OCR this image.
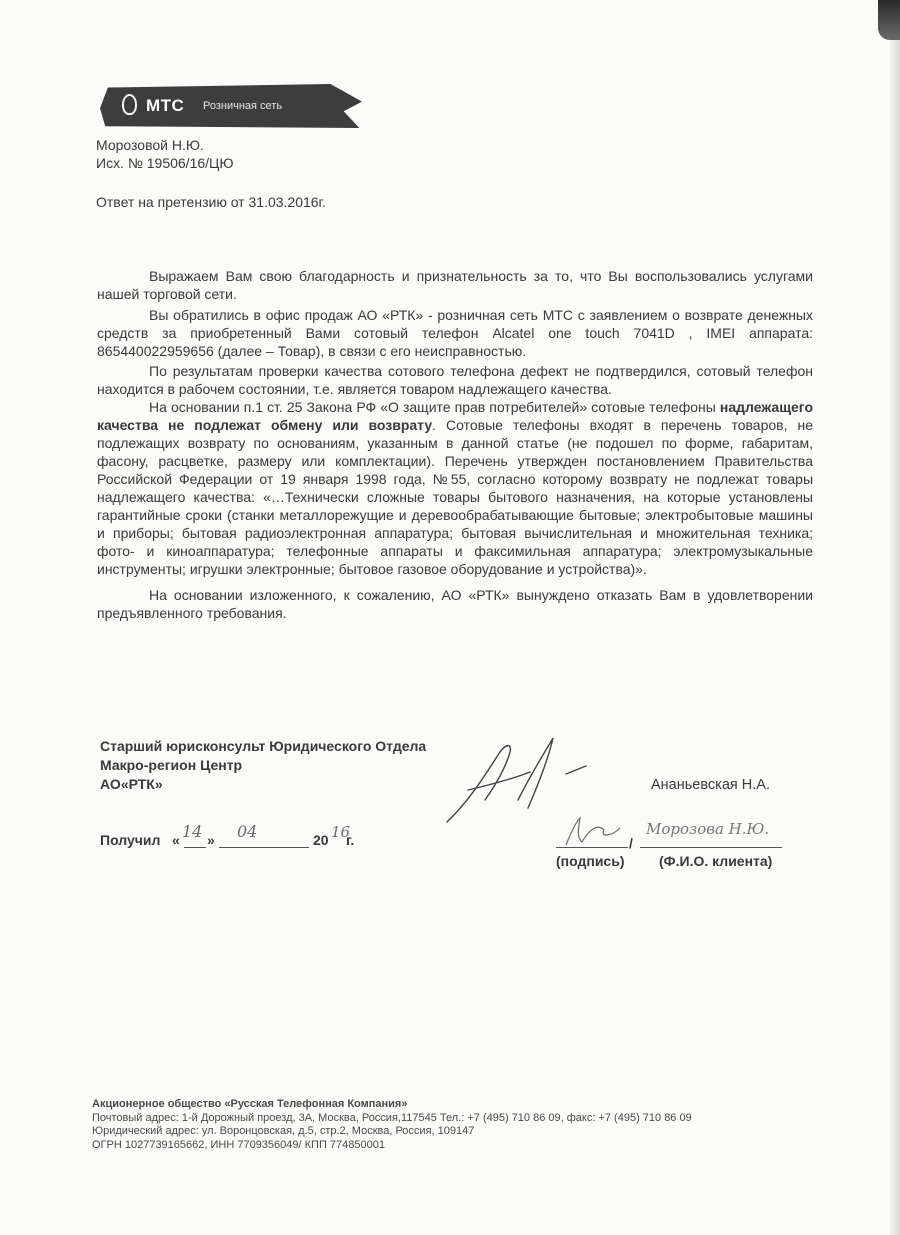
МТС Розничная сеть
Морозовой Н.Ю.
Исх. № 19506/16/ЦЮ
Ответ на претензию от 31.03.2016г.
Выражаем Вам свою благодарность и признательность за то, что Вы воспользовались услугами нашей торговой сети.
Вы обратились в офис продаж АО «РТК» - розничная сеть МТС с заявлением о возврате денежных средств за приобретенный Вами сотовый телефон Alcatel one touch 7041D , IMEI аппарата: 865440022959656 (далее – Товар), в связи с его неисправностью.
По результатам проверки качества сотового телефона дефект не подтвердился, сотовый телефон находится в рабочем состоянии, т.е. является товаром надлежащего качества.
На основании п.1 ст. 25 Закона РФ «О защите прав потребителей» сотовые телефоны надлежащего качества не подлежат обмену или возврату. Сотовые телефоны входят в перечень товаров, не подлежащих возврату по основаниям, указанным в данной статье (не подошел по форме, габаритам, фасону, расцветке, размеру или комплектации). Перечень утвержден постановлением Правительства Российской Федерации от 19 января 1998 года, №55, согласно которому возврату не подлежат товары надлежащего качества: «…Технически сложные товары бытового назначения, на которые установлены гарантийные сроки (станки металлорежущие и деревообрабатывающие бытовые; электробытовые машины и приборы; бытовая радиоэлектронная аппаратура; бытовая вычислительная и множительная техника; фото- и киноаппаратура; телефонные аппараты и факсимильная аппаратура; электромузыкальные инструменты; игрушки электронные; бытовое газовое оборудование и устройства)».
На основании изложенного, к сожалению, АО «РТК» вынуждено отказать Вам в удовлетворении предъявленного требования.
Старший юрисконсульт Юридического Отдела
Макро-регион Центр
АО«РТК»	Ананьевская Н.А.
Получил « 14 » 04	20 16
г.	/
Морозова Н.Ю.
(подпись) (Ф.И.О. клиента)
Акционерное общество «Русская Телефонная Компания»
Почтовый адрес: 1-й Дорожный проезд, 3А, Москва, Россия,117545 Тел.: +7 (495) 710 86 09, факс: +7 (495) 710 86 09
Юридический адрес: ул. Воронцовская, д.5, стр.2, Москва, Россия, 109147
ОГРН 1027739165662, ИНН 7709356049/ КПП 774850001
